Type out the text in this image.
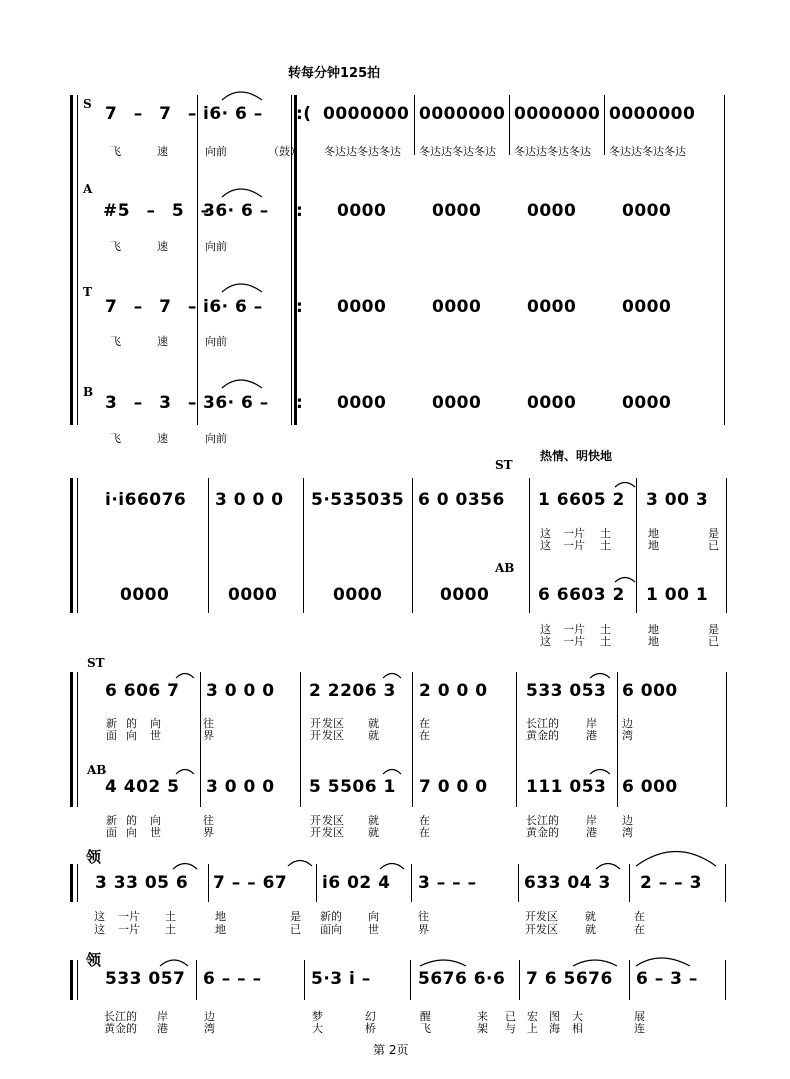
转每分钟125拍
S 7 – 7 – i6· 6 – :( 0000000 0000000 0000000 0000000
飞	速	向前	（鼓） 冬达达冬达冬达 冬达达冬达冬达 冬达达冬达冬达 冬达达冬达冬达
A
#5 – 5 –
36· 6 – : 0000	0000	0000	0000
飞	速	向前
T
7 – 7 – i6· 6 – : 0000	0000	0000	0000
飞	速	向前
B
3 – 3 – 36· 6 – : 0000	0000	0000	0000
飞	速	向前
ST
热情、明快地
i·i66076 3 0 0 0 5·535035 6 0 0356 1 6605 2 3 00 3
这 一片 土	地	是
这 一片 土	地	已
AB
0000	0000	0000	0000	6 6603 2 1 00 1
这 一片 土	地	是
这 一片 土	地	已
ST
6 606 7 3 0 0 0 2 2206 3 2 0 0 0 533 053 6 000
新 的 向	往	开 发区 就	在	长江的 岸 边
面 向 世	界	开 发区 就	在	黄金的 港 湾
AB
4 402 5 3 0 0 0 5 5506 1 7 0 0 0 111 053 6 000
新 的 向	往	开 发区 就	在	长江的 岸 边
面 向 世	界	开 发区 就	在	黄金的 港 湾
领
3 33 05 6 7 – – 67 i6 02 4 3 – – –	633 04 3 2 – – 3
这 一片 土	地	是 新的 向	往	开发区 就	在
这 一片 土	地	已 面向 世	界	开发区 就	在
领
533 057 6 – – –	5·3 i –	5676 6·6 7 6 5676 6 – 3 –
长江的 岸	边	梦	幻	醒	来 已 宏 图 大	展
黄金的 港	湾	大	桥	飞	架 与 上 海 相	连
第 2页
